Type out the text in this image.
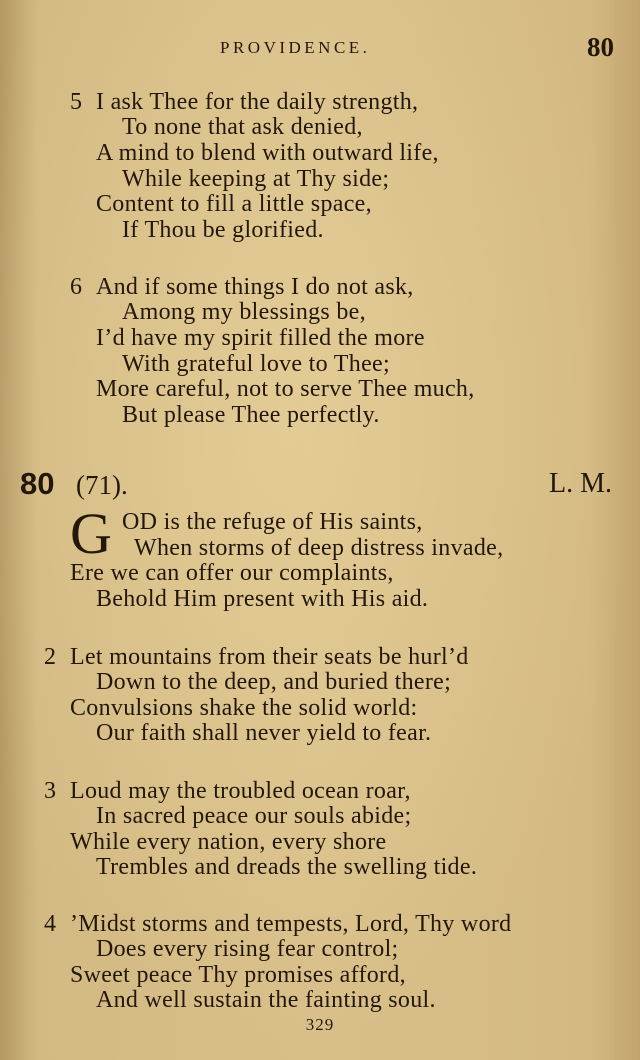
PROVIDENCE.	80
5 I ask Thee for the daily strength,
To none that ask denied,
A mind to blend with outward life,
While keeping at Thy side;
Content to fill a little space,
If Thou be glorified.
6 And if some things I do not ask,
Among my blessings be,
I’d have my spirit filled the more
With grateful love to Thee;
More careful, not to serve Thee much,
But please Thee perfectly.
80 (71).	L. M.
G OD is the refuge of His saints,
When storms of deep distress invade,
Ere we can offer our complaints,
Behold Him present with His aid.
2 Let mountains from their seats be hurl’d
Down to the deep, and buried there;
Convulsions shake the solid world:
Our faith shall never yield to fear.
3 Loud may the troubled ocean roar,
In sacred peace our souls abide;
While every nation, every shore
Trembles and dreads the swelling tide.
4 ’Midst storms and tempests, Lord, Thy word
Does every rising fear control;
Sweet peace Thy promises afford,
And well sustain the fainting soul.
329
